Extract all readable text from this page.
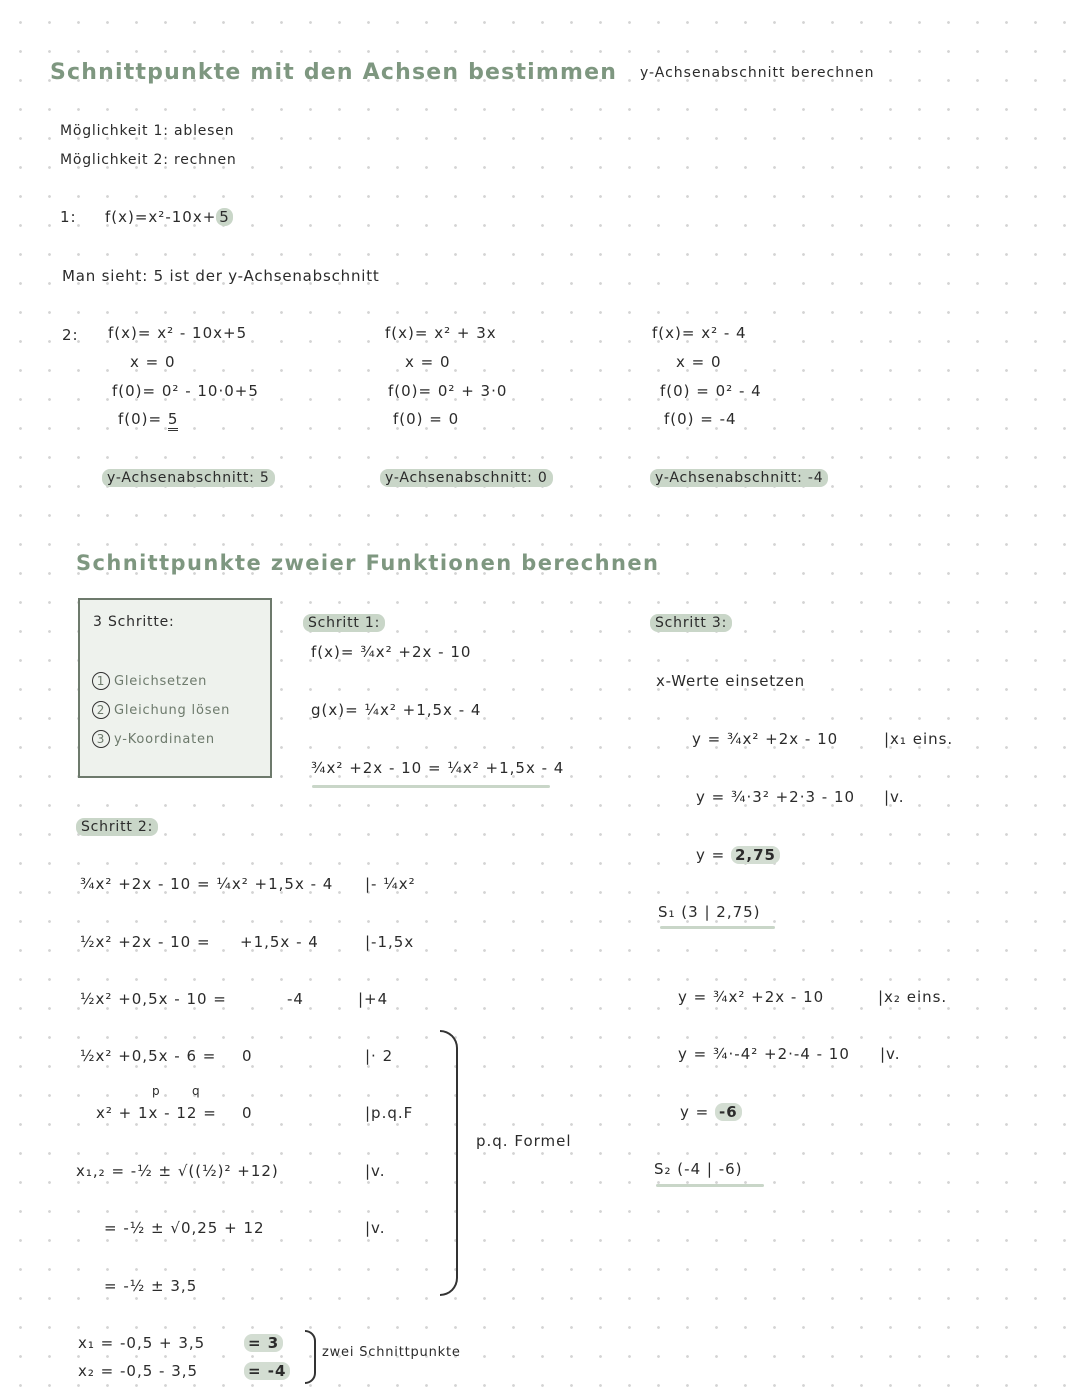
Schnittpunkte mit den Achsen bestimmen y-Achsenabschnitt berechnen
Möglichkeit 1: ablesen
Möglichkeit 2: rechnen
1: f(x)=x²-10x+ 5
Man sieht: 5 ist der y-Achsenabschnitt
2: f(x)= x² - 10x+5
x = 0
f(0)= 0² - 10·0+5
f(0)= 5
y-Achsenabschnitt: 5
f(x)= x² + 3x
x = 0
f(0)= 0² + 3·0
f(0) = 0
y-Achsenabschnitt: 0
f(x)= x² - 4
x = 0
f(0) = 0² - 4
f(0) = -4
y-Achsenabschnitt: -4
Schnittpunkte zweier Funktionen berechnen
3 Schritte:
1 Gleichsetzen
2 Gleichung lösen
3 y-Koordinaten
Schritt 1:
f(x)= ¾x² +2x - 10
g(x)= ¼x² +1,5x - 4
¾x² +2x - 10 = ¼x² +1,5x - 4
Schritt 2:
¾x² +2x - 10 = ¼x² +1,5x - 4 |- ¼x²
½x² +2x - 10 = +1,5x - 4	|-1,5x
½x² +0,5x - 10 =	-4	|+4
½x² +0,5x - 6 = 0	|· 2
p	q
x² + 1x - 12 = 0	|p.q.F
x₁,₂ = -½ ± √((½)² +12)	|v.
= -½ ± √0,25 + 12	|v.
= -½ ± 3,5
p.q. Formel
x₁ = -0,5 + 3,5	= 3
x₂ = -0,5 - 3,5	= -4
zwei Schnittpunkte
Schritt 3:
x-Werte einsetzen
y = ¾x² +2x - 10	|x₁ eins.
y = ¾·3² +2·3 - 10 |v.
y = 2,75
S₁ (3 | 2,75)
y = ¾x² +2x - 10	|x₂ eins.
y = ¾·-4² +2·-4 - 10 |v.
y = -6
S₂ (-4 | -6)
